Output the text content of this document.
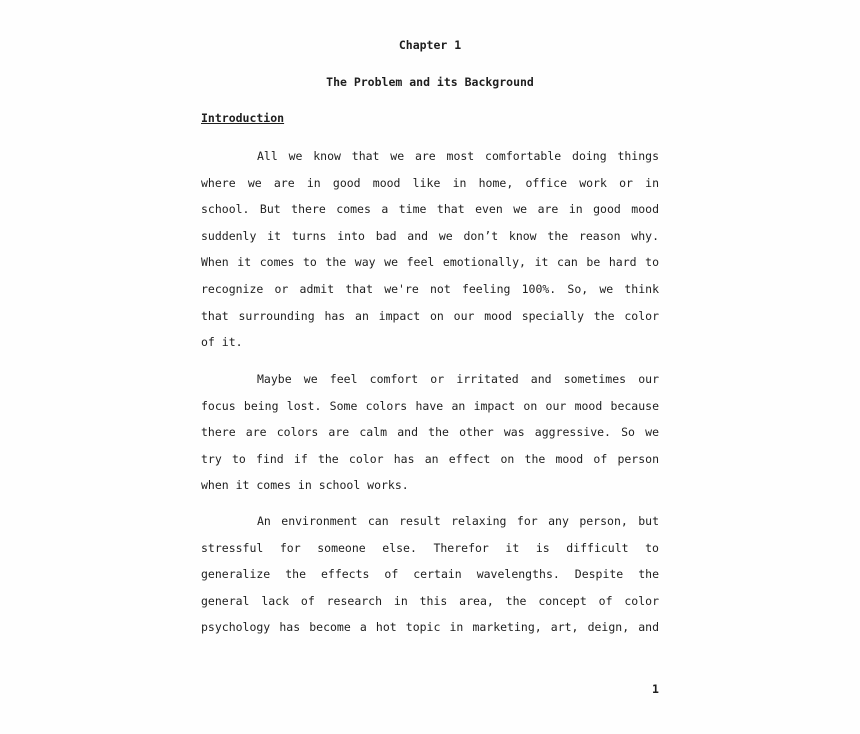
Chapter 1
The Problem and its Background
Introduction
All we know that we are most comfortable doing things
where we are in good mood like in home, office work or in
school. But there comes a time that even we are in good mood
suddenly it turns into bad and we don’t know the reason why.
When it comes to the way we feel emotionally, it can be hard to
recognize or admit that we're not feeling 100%. So, we think
that surrounding has an impact on our mood specially the color
of it.
Maybe we feel comfort or irritated and sometimes our
focus being lost. Some colors have an impact on our mood because
there are colors are calm and the other was aggressive. So we
try to find if the color has an effect on the mood of person
when it comes in school works.
An environment can result relaxing for any person, but
stressful for someone else. Therefor it is difficult to
generalize the effects of certain wavelengths. Despite the
general lack of research in this area, the concept of color
psychology has become a hot topic in marketing, art, deign, and
1
